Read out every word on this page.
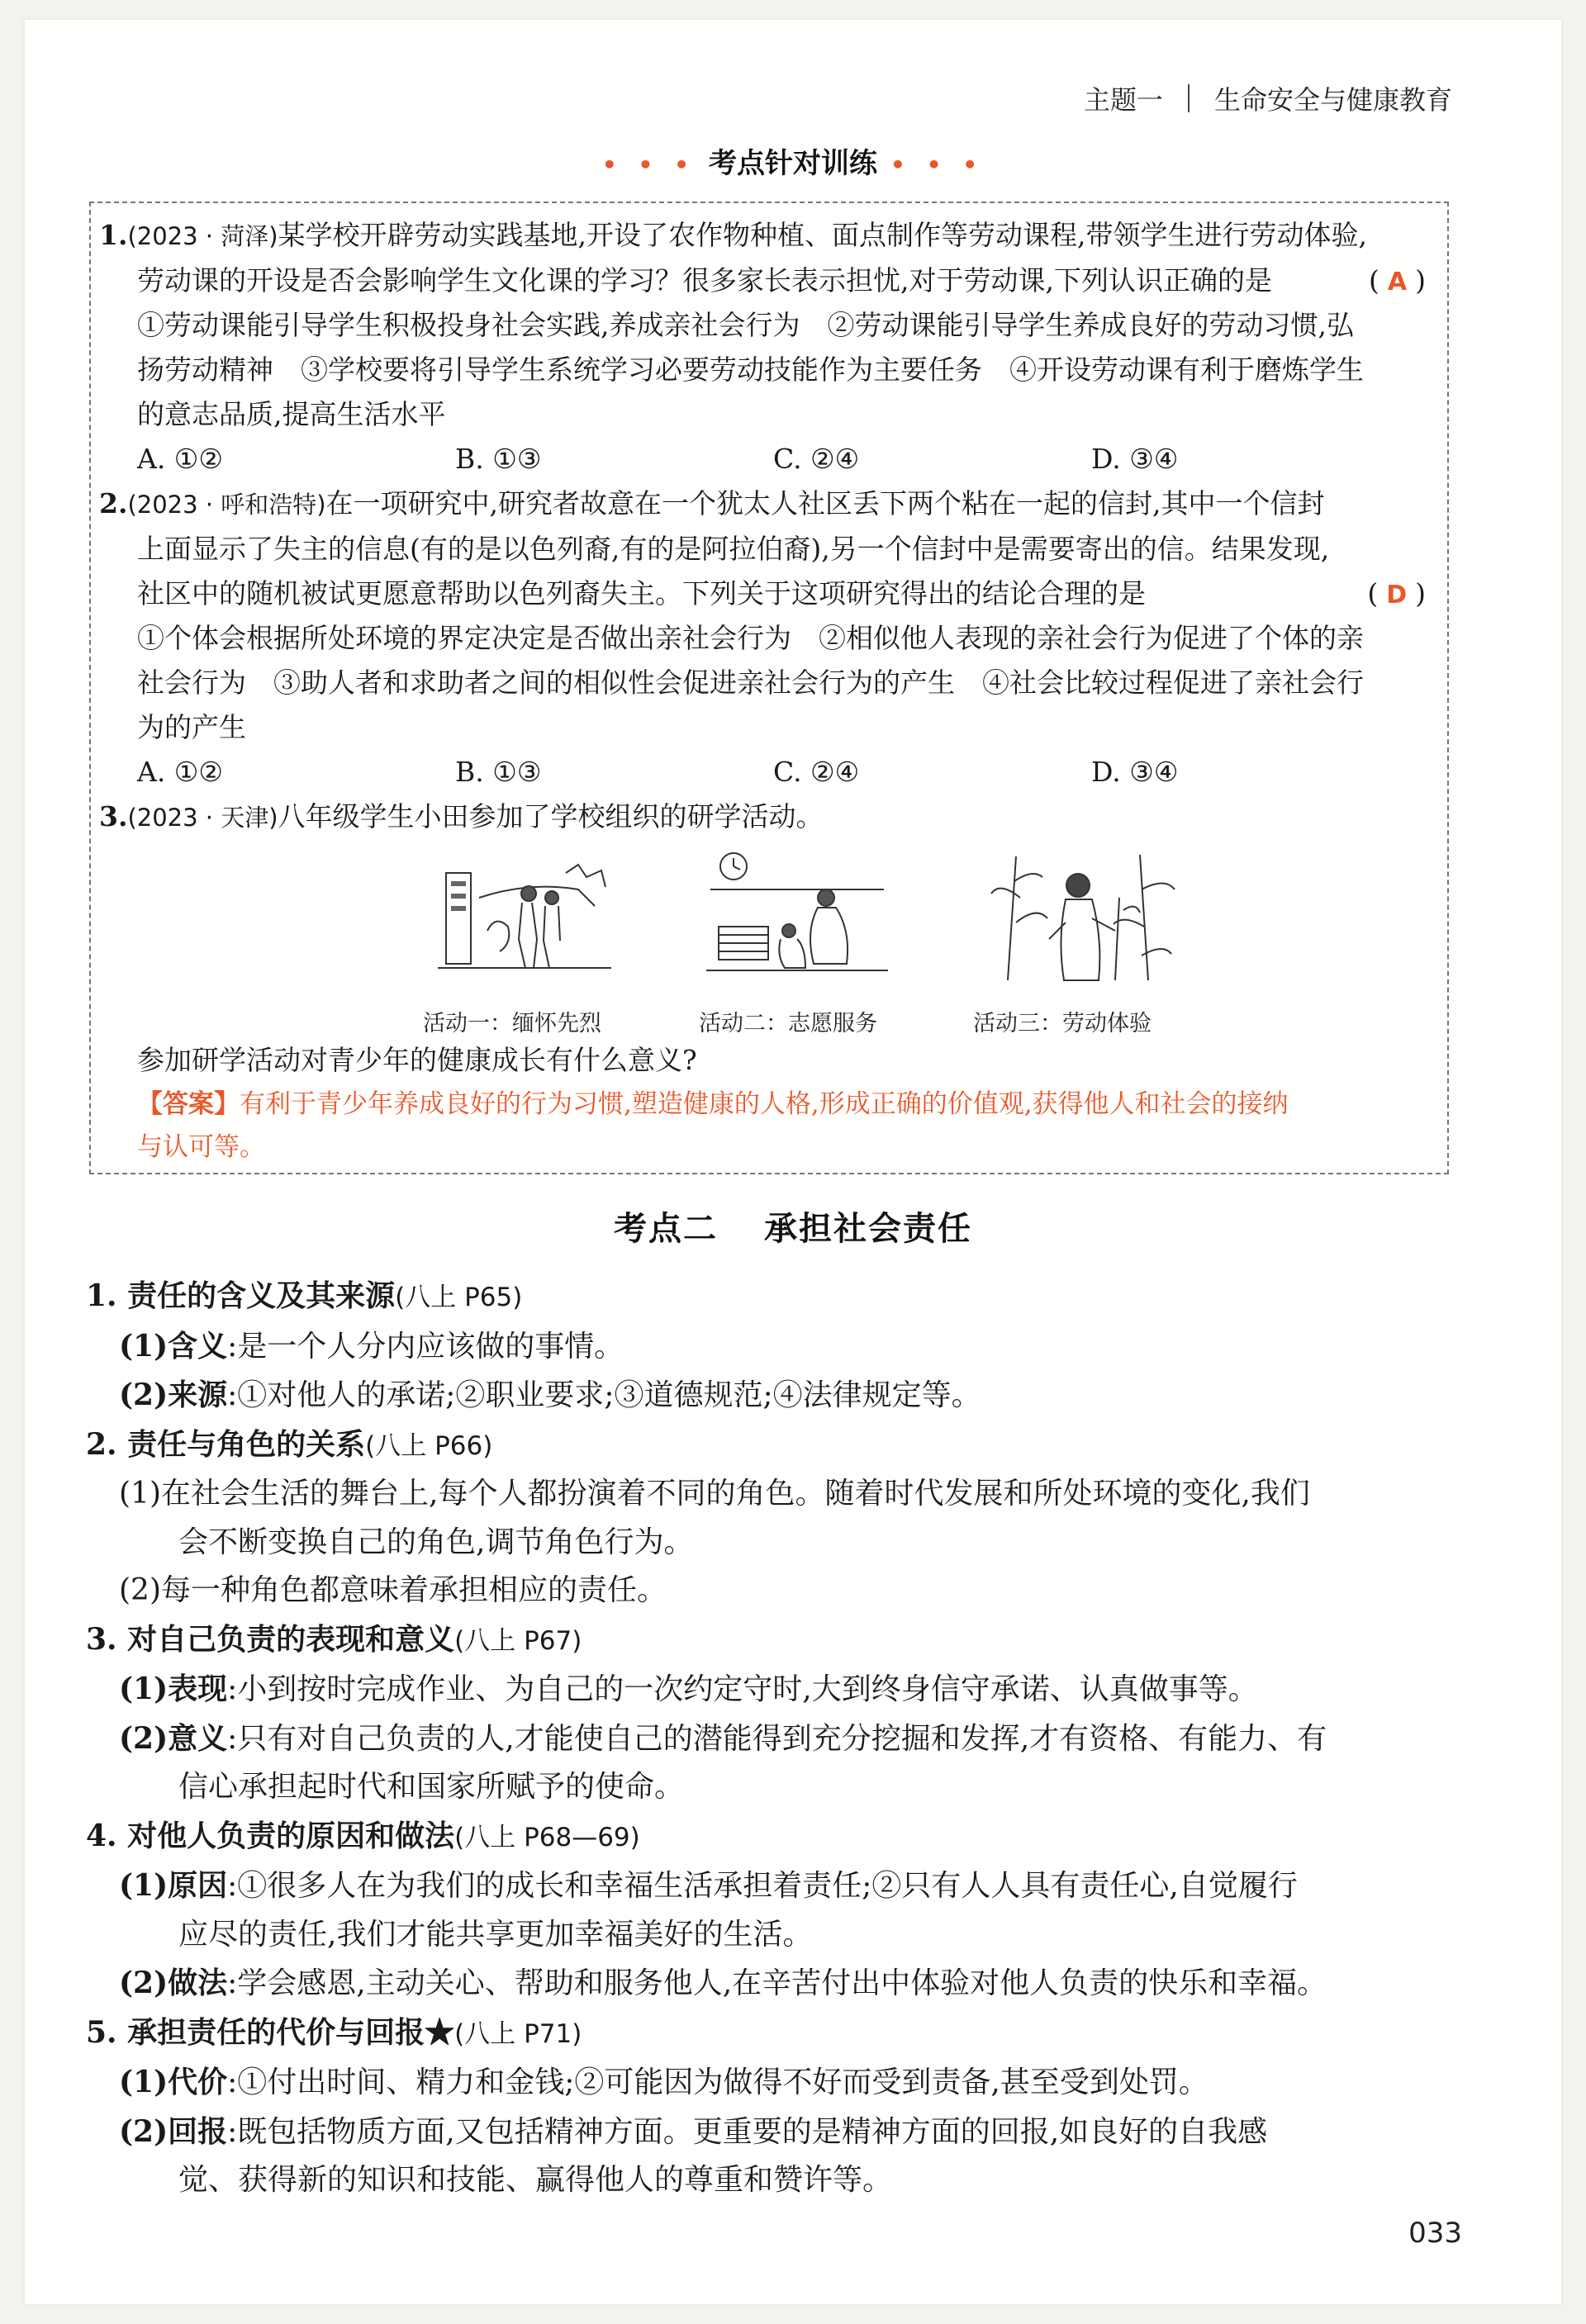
主题一 生命安全与健康教育
• • • 考点针对训练 • • •
1.(2023 · 菏泽)某学校开辟劳动实践基地,开设了农作物种植、面点制作等劳动课程,带领学生进行劳动体验,
劳动课的开设是否会影响学生文化课的学习？很多家长表示担忧,对于劳动课,下列认识正确的是	( A )
①劳动课能引导学生积极投身社会实践,养成亲社会行为　②劳动课能引导学生养成良好的劳动习惯,弘
扬劳动精神　③学校要将引导学生系统学习必要劳动技能作为主要任务　④开设劳动课有利于磨炼学生
的意志品质,提高生活水平
A. ①②	B. ①③	C. ②④	D. ③④
2.(2023 · 呼和浩特)在一项研究中,研究者故意在一个犹太人社区丢下两个粘在一起的信封,其中一个信封
上面显示了失主的信息(有的是以色列裔,有的是阿拉伯裔),另一个信封中是需要寄出的信。结果发现,
社区中的随机被试更愿意帮助以色列裔失主。下列关于这项研究得出的结论合理的是	( D )
①个体会根据所处环境的界定决定是否做出亲社会行为　②相似他人表现的亲社会行为促进了个体的亲
社会行为　③助人者和求助者之间的相似性会促进亲社会行为的产生　④社会比较过程促进了亲社会行
为的产生
A. ①②	B. ①③	C. ②④	D. ③④
3.(2023 · 天津)八年级学生小田参加了学校组织的研学活动。
活动一：缅怀先烈	活动二：志愿服务	活动三：劳动体验
参加研学活动对青少年的健康成长有什么意义?
【答案】有利于青少年养成良好的行为习惯,塑造健康的人格,形成正确的价值观,获得他人和社会的接纳
与认可等。
考点二 承担社会责任
1. 责任的含义及其来源(八上 P65)
(1)含义:是一个人分内应该做的事情。
(2)来源:①对他人的承诺;②职业要求;③道德规范;④法律规定等。
2. 责任与角色的关系(八上 P66)
(1)在社会生活的舞台上,每个人都扮演着不同的角色。随着时代发展和所处环境的变化,我们
会不断变换自己的角色,调节角色行为。
(2)每一种角色都意味着承担相应的责任。
3. 对自己负责的表现和意义(八上 P67)
(1)表现:小到按时完成作业、为自己的一次约定守时,大到终身信守承诺、认真做事等。
(2)意义:只有对自己负责的人,才能使自己的潜能得到充分挖掘和发挥,才有资格、有能力、有
信心承担起时代和国家所赋予的使命。
4. 对他人负责的原因和做法(八上 P68—69)
(1)原因:①很多人在为我们的成长和幸福生活承担着责任;②只有人人具有责任心,自觉履行
应尽的责任,我们才能共享更加幸福美好的生活。
(2)做法:学会感恩,主动关心、帮助和服务他人,在辛苦付出中体验对他人负责的快乐和幸福。
5. 承担责任的代价与回报★(八上 P71)
(1)代价:①付出时间、精力和金钱;②可能因为做得不好而受到责备,甚至受到处罚。
(2)回报:既包括物质方面,又包括精神方面。更重要的是精神方面的回报,如良好的自我感
觉、获得新的知识和技能、赢得他人的尊重和赞许等。
033
